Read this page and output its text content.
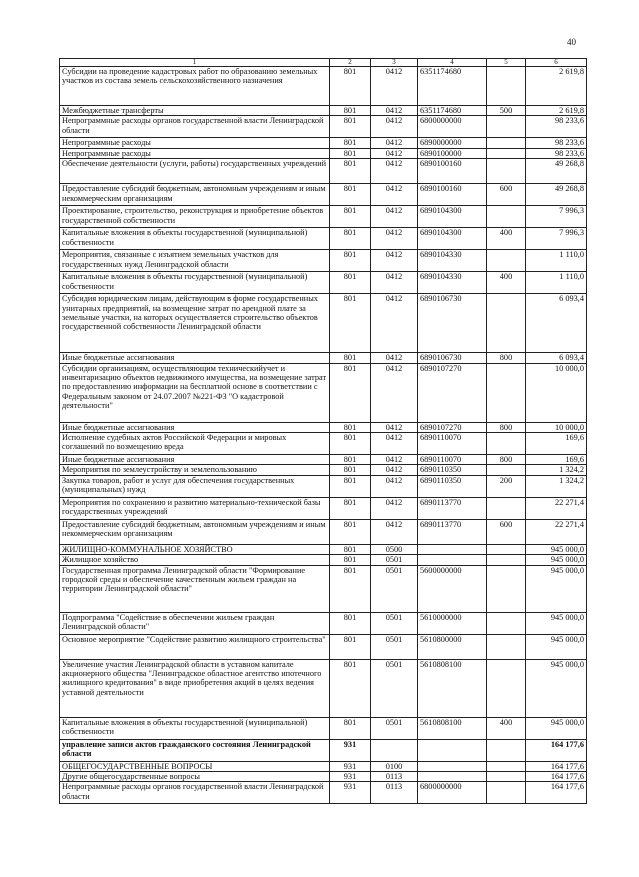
40
1	2	3	4	5	6
Субсидии на проведение кадастровых работ по образованию земельных участков из состава земель сельскохозяйственного назначения	801	0412	6351174680		2 619,8
Межбюджетные трансферты	801	0412	6351174680	500	2 619,8
Непрограммные расходы органов государственной власти Ленинградской области	801	0412	6800000000		98 233,6
Непрограммные расходы	801	0412	6890000000		98 233,6
Непрограммные расходы	801	0412	6890100000		98 233,6
Обеспечение деятельности (услуги, работы) государственных учреждений	801	0412	6890100160		49 268,8
Предоставление субсидий бюджетным, автономным учреждениям и иным некоммерческим организациям	801	0412	6890100160	600	49 268,8
Проектирование, строительство, реконструкция и приобретение объектов государственной собственности	801	0412	6890104300		7 996,3
Капитальные вложения в объекты государственной (муниципальной) собственности	801	0412	6890104300	400	7 996,3
Мероприятия, связанные с изъятием земельных участков для государственных нужд Ленинградской области	801	0412	6890104330		1 110,0
Капитальные вложения в объекты государственной (муниципальной) собственности	801	0412	6890104330	400	1 110,0
Субсидия юридическим лицам, действующим в форме государственных унитарных предприятий, на возмещение затрат по арендной плате за земельные участки, на которых осуществляется строительство объектов государственной собственности Ленинградской области	801	0412	6890106730		6 093,4
Иные бюджетные ассигнования	801	0412	6890106730	800	6 093,4
Субсидии организациям, осуществляющим техническийучет и инвентаризацию объектов недвижимого имущества, на возмещение затрат по предоставлению информации на бесплатной основе в соответствии с Федеральным законом от 24.07.2007 №221-ФЗ "О кадастровой деятельности"	801	0412	6890107270		10 000,0
Иные бюджетные ассигнования	801	0412	6890107270	800	10 000,0
Исполнение судебных актов Российской Федерации и мировых соглашений по возмещению вреда	801	0412	6890110070		169,6
Иные бюджетные ассигнования	801	0412	6890110070	800	169,6
Мероприятия по землеустройству и землепользованию	801	0412	6890110350		1 324,2
Закупка товаров, работ и услуг для обеспечения государственных (муниципальных) нужд	801	0412	6890110350	200	1 324,2
Мероприятия по сохранению и развитию материально-технической базы государственных учреждений	801	0412	6890113770		22 271,4
Предоставление субсидий бюджетным, автономным учреждениям и иным некоммерческим организациям	801	0412	6890113770	600	22 271,4
ЖИЛИЩНО-КОММУНАЛЬНОЕ ХОЗЯЙСТВО	801	0500			945 000,0
Жилищное хозяйство	801	0501			945 000,0
Государственная программа Ленинградской области "Формирование городской среды и обеспечение качественным жильем граждан на территории Ленинградской области"	801	0501	5600000000		945 000,0
Подпрограмма "Содействие в обеспечении жильем граждан Ленинградской области"	801	0501	5610000000		945 000,0
Основное мероприятие "Содействие развитию жилищного строительства"	801	0501	5610800000		945 000,0
Увеличение участия Ленинградской области в уставном капитале акционерного общества "Ленинградское областное агентство ипотечного жилищного кредитования" в виде приобретения акций в целях ведения уставной деятельности	801	0501	5610808100		945 000,0
Капитальные вложения в объекты государственной (муниципальной) собственности	801	0501	5610808100	400	945 000,0
управление записи актов гражданского состояния Ленинградской области	931				164 177,6
ОБЩЕГОСУДАРСТВЕННЫЕ ВОПРОСЫ	931	0100			164 177,6
Другие общегосударственные вопросы	931	0113			164 177,6
Непрограммные расходы органов государственной власти Ленинградской области	931	0113	6800000000		164 177,6
